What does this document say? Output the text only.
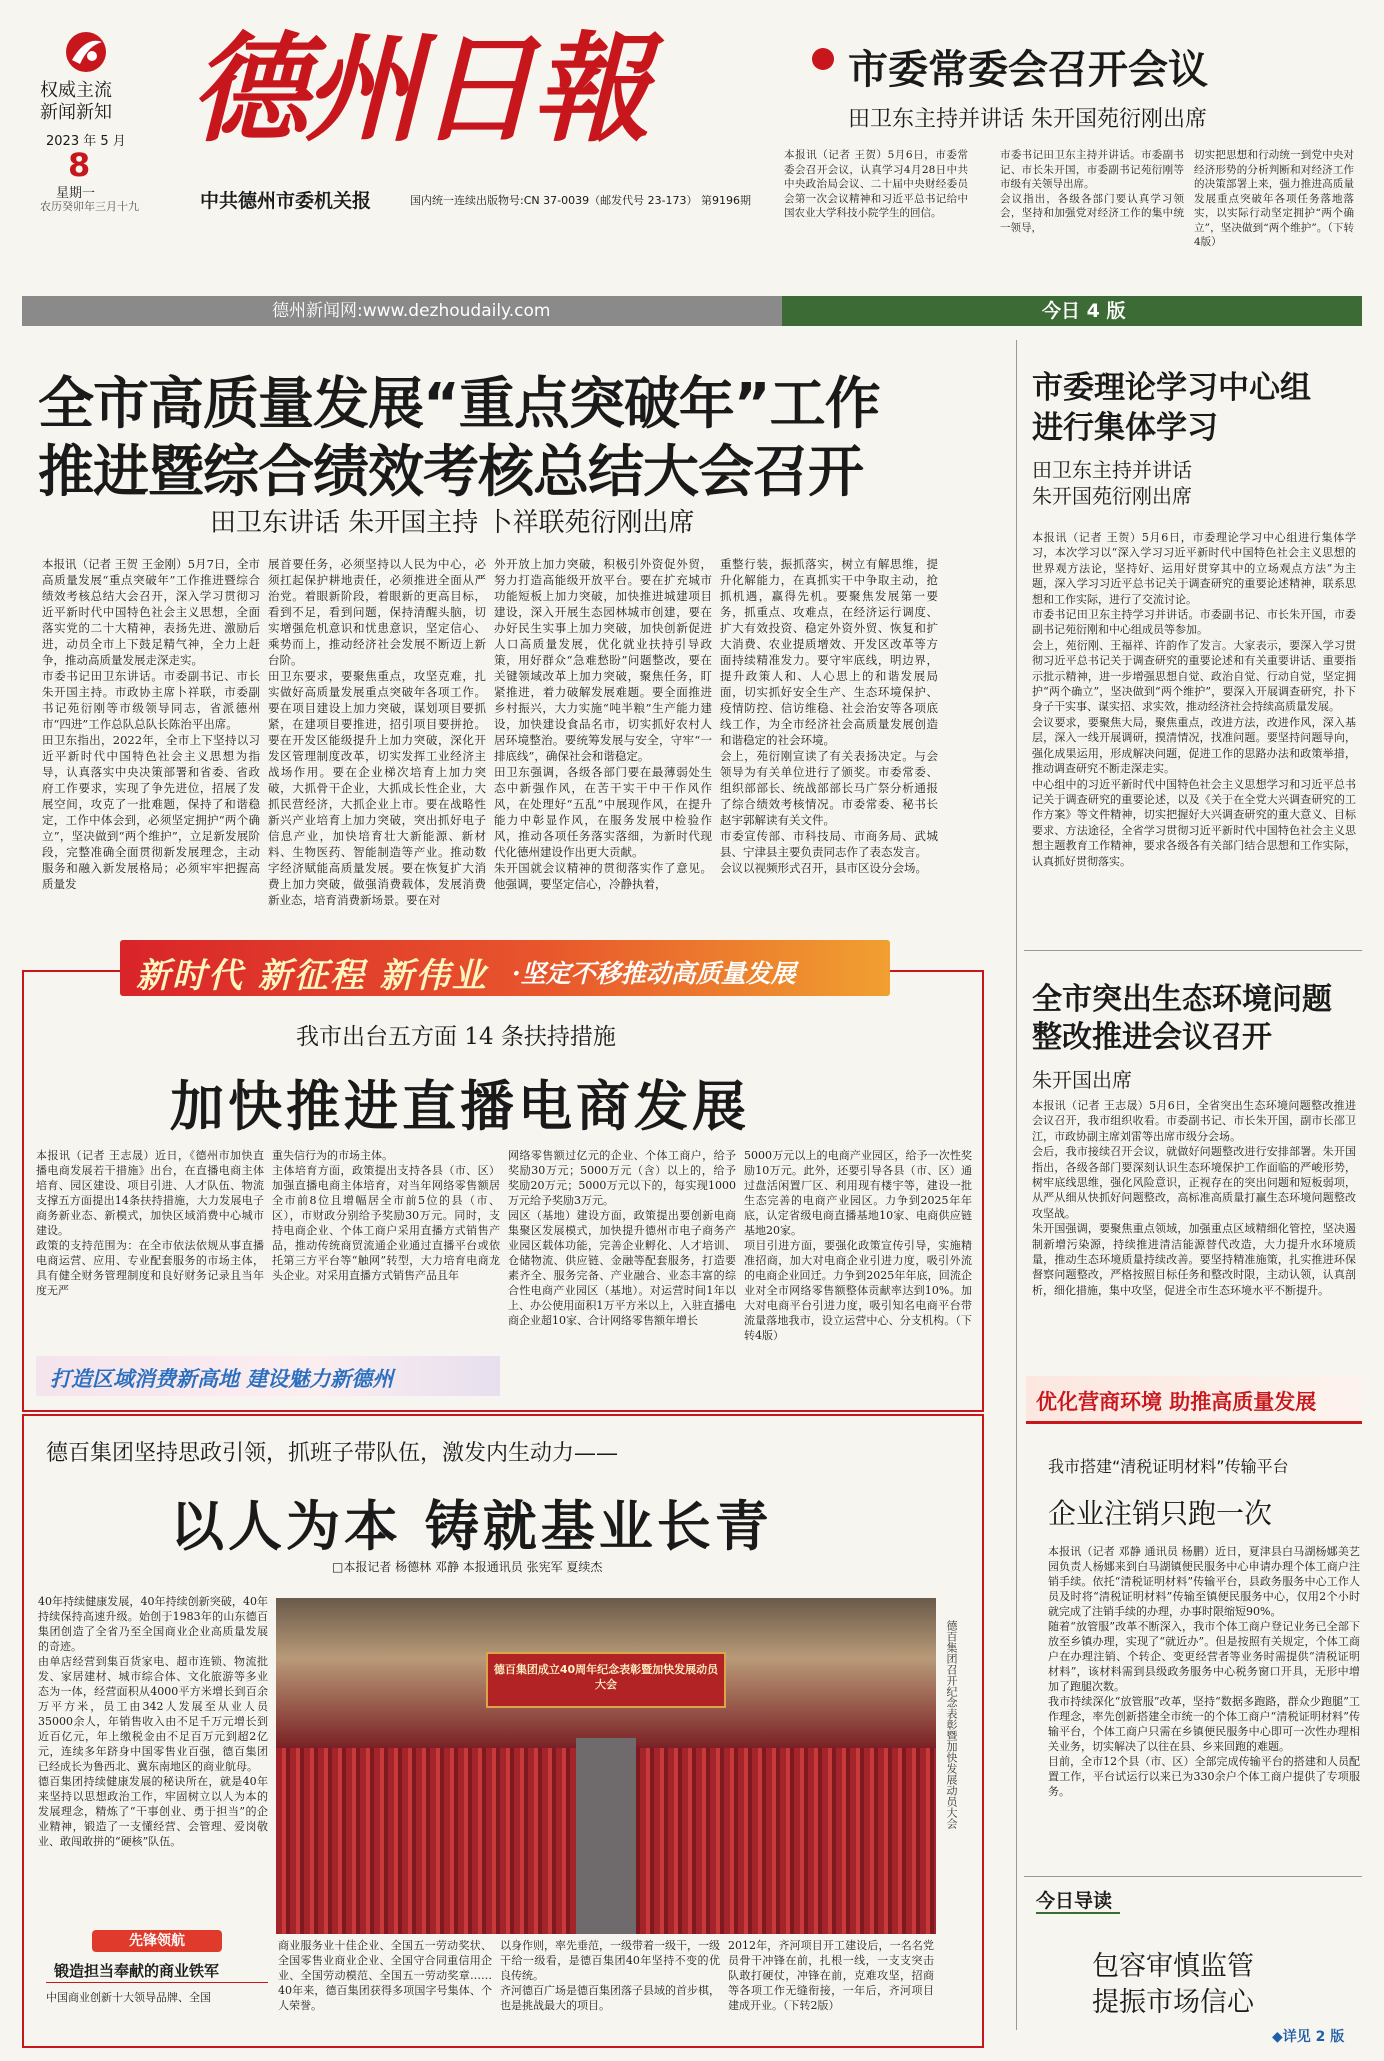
权威主流
新闻新知
2023 年 5 月
8
星期一
农历癸卯年三月十九
德州日報
中共德州市委机关报	国内统一连续出版物号:CN 37-0039（邮发代号 23-173） 第9196期
市委常委会召开会议
田卫东主持并讲话 朱开国苑衍刚出席
本报讯（记者 王贺）5月6日，市委常委会召开会议，认真学习4月28日中共中央政治局会议、二十届中央财经委员会第一次会议精神和习近平总书记给中国农业大学科技小院学生的回信。
市委书记田卫东主持并讲话。市委副书记、市长朱开国，市委副书记苑衍刚等市级有关领导出席。
会议指出，各级各部门要认真学习领会，坚持和加强党对经济工作的集中统一领导，
切实把思想和行动统一到党中央对经济形势的分析判断和对经济工作的决策部署上来，强力推进高质量发展重点突破年各项任务落地落实，以实际行动坚定拥护“两个确立”，坚决做到“两个维护”。（下转4版）
德州新闻网:www.dezhoudaily.com	今日 4 版
全市高质量发展“重点突破年”工作
推进暨综合绩效考核总结大会召开
田卫东讲话 朱开国主持 卜祥联苑衍刚出席
本报讯（记者 王贺 王金刚）5月7日，全市高质量发展“重点突破年”工作推进暨综合绩效考核总结大会召开，深入学习贯彻习近平新时代中国特色社会主义思想，全面落实党的二十大精神，表扬先进、激励后进，动员全市上下鼓足精气神，全力上赶争，推动高质量发展走深走实。
市委书记田卫东讲话。市委副书记、市长朱开国主持。市政协主席卜祥联，市委副书记苑衍刚等市级领导同志，省派德州市“四进”工作总队总队长陈治平出席。
田卫东指出，2022年，全市上下坚持以习近平新时代中国特色社会主义思想为指导，认真落实中央决策部署和省委、省政府工作要求，实现了争先进位，招展了发展空间，攻克了一批难题，保持了和谐稳定，工作中体会到，必须坚定拥护“两个确立”，坚决做到“两个维护”，立足新发展阶段，完整准确全面贯彻新发展理念，主动服务和融入新发展格局；必须牢牢把握高质量发
展首要任务，必须坚持以人民为中心，必须扛起保护耕地责任，必须推进全面从严治党。着眼新阶段，着眼新的更高目标，看到不足，看到问题，保持清醒头脑，切实增强危机意识和忧患意识，坚定信心、乘势而上，推动经济社会发展不断迈上新台阶。
田卫东要求，要聚焦重点，攻坚克难，扎实做好高质量发展重点突破年各项工作。要在项目建设上加力突破，谋划项目要抓紧，在建项目要推进，招引项目要拼抢。要在开发区能级提升上加力突破，深化开发区管理制度改革，切实发挥工业经济主战场作用。要在企业梯次培育上加力突破，大抓骨干企业，大抓成长性企业，大抓民营经济，大抓企业上市。要在战略性新兴产业培育上加力突破，突出抓好电子信息产业，加快培育壮大新能源、新材料、生物医药、智能制造等产业。推动数字经济赋能高质量发展。要在恢复扩大消费上加力突破，做强消费载体，发展消费新业态，培育消费新场景。要在对
外开放上加力突破，积极引外资促外贸，努力打造高能级开放平台。要在扩充城市功能短板上加力突破，加快推进城建项目建设，深入开展生态园林城市创建，要在办好民生实事上加力突破，加快创新促进人口高质量发展，优化就业扶持引导政策，用好群众“急难愁盼”问题整改，要在关键领域改革上加力突破，聚焦任务，盯紧推进，着力破解发展难题。要全面推进乡村振兴，大力实施“吨半粮”生产能力建设，加快建设食品名市，切实抓好农村人居环境整治。要统筹发展与安全，守牢“一排底线”，确保社会和谐稳定。
田卫东强调，各级各部门要在最薄弱处生态中新强作风，在苦干实干中干作风作风，在处理好“五乱”中展现作风，在提升能力中彰显作风，在服务发展中检验作风，推动各项任务落实落细，为新时代现代化德州建设作出更大贡献。
朱开国就会议精神的贯彻落实作了意见。他强调，要坚定信心，冷静执着，
重整行装，振抓落实，树立有解思维，提升化解能力，在真抓实干中争取主动，抢抓机遇，赢得先机。要聚焦发展第一要务，抓重点、攻难点，在经济运行调度、扩大有效投资、稳定外资外贸、恢复和扩大消费、农业提质增效、开发区改革等方面持续精准发力。要守牢底线，明边界，提升政策人和、人心思上的和谐发展局面，切实抓好安全生产、生态环境保护、疫情防控、信访维稳、社会治安等各项底线工作，为全市经济社会高质量发展创造和谐稳定的社会环境。
会上，苑衍刚宣读了有关表扬决定。与会领导为有关单位进行了颁奖。市委常委、组织部部长、统战部部长马广祭分析通报了综合绩效考核情况。市委常委、秘书长赵宇郭解读有关文件。
市委宣传部、市科技局、市商务局、武城县、宁津县主要负责同志作了表态发言。
会议以视频形式召开，县市区设分会场。
市委理论学习中心组
进行集体学习
田卫东主持并讲话
朱开国苑衍刚出席
本报讯（记者 王贺）5月6日，市委理论学习中心组进行集体学习，本次学习以“深入学习习近平新时代中国特色社会主义思想的世界观方法论，坚持好、运用好贯穿其中的立场观点方法”为主题，深入学习习近平总书记关于调查研究的重要论述精神，联系思想和工作实际，进行了交流讨论。
市委书记田卫东主持学习并讲话。市委副书记、市长朱开国，市委副书记苑衍刚和中心组成员等参加。
会上，苑衍刚、王福祥、许韵作了发言。大家表示，要深入学习贯彻习近平总书记关于调查研究的重要论述和有关重要讲话、重要指示批示精神，进一步增强思想自觉、政治自觉、行动自觉，坚定拥护“两个确立”，坚决做到“两个维护”，要深入开展调查研究，扑下身子干实事、谋实招、求实效，推动经济社会持续高质量发展。
会议要求，要聚焦大局，聚焦重点，改进方法，改进作风，深入基层，深入一线开展调研，摸清情况，找准问题。要坚持问题导向，强化成果运用，形成解决问题，促进工作的思路办法和政策举措，推动调查研究不断走深走实。
中心组中的习近平新时代中国特色社会主义思想学习和习近平总书记关于调查研究的重要论述，以及《关于在全党大兴调查研究的工作方案》等文件精神，切实把握好大兴调查研究的重大意义、目标要求、方法途径，全省学习贯彻习近平新时代中国特色社会主义思想主题教育工作精神，要求各级各有关部门结合思想和工作实际，认真抓好贯彻落实。
全市突出生态环境问题
整改推进会议召开
朱开国出席
本报讯（记者 王志晟）5月6日，全省突出生态环境问题整改推进会议召开，我市组织收看。市委副书记、市长朱开国，副市长邵卫江，市政协副主席刘雷等出席市级分会场。
会后，我市接续召开会议，就做好问题整改进行安排部署。朱开国指出，各级各部门要深刻认识生态环境保护工作面临的严峻形势，树牢底线思维，强化风险意识，正视存在的突出问题和短板弱项，从严从细从快抓好问题整改，高标准高质量打赢生态环境问题整改攻坚战。
朱开国强调，要聚焦重点领域，加强重点区域精细化管控，坚决遏制新增污染源，持续推进清洁能源替代改造，大力提升水环境质量，推动生态环境质量持续改善。要坚持精准施策，扎实推进环保督察问题整改，严格按照目标任务和整改时限，主动认领，认真剖析，细化措施，集中攻坚，促进全市生态环境水平不断提升。
新时代 新征程 新伟业 ·坚定不移推动高质量发展
我市出台五方面 14 条扶持措施
加快推进直播电商发展
本报讯（记者 王志晟）近日，《德州市加快直播电商发展若干措施》出台，在直播电商主体培育、园区建设、项目引进、人才队伍、物流支撑五方面提出14条扶持措施，大力发展电子商务新业态、新模式，加快区域消费中心城市建设。
政策的支持范围为：在全市依法依规从事直播电商运营、应用、专业配套服务的市场主体，具有健全财务管理制度和良好财务记录且当年度无严
重失信行为的市场主体。
主体培育方面，政策提出支持各县（市、区）加强直播电商主体培育，对当年网络零售额居全市前8位且增幅居全市前5位的县（市、区），市财政分别给予奖励30万元。同时，支持电商企业、个体工商户采用直播方式销售产品，推动传统商贸流通企业通过直播平台或依托第三方平台等“触网”转型，大力培育电商龙头企业。对采用直播方式销售产品且年
网络零售额过亿元的企业、个体工商户，给予奖励30万元；5000万元（含）以上的，给予奖励20万元；5000万元以下的，每实现1000万元给予奖励3万元。
园区（基地）建设方面，政策提出要创新电商集聚区发展模式，加快提升德州市电子商务产业园区载体功能，完善企业孵化、人才培训、仓储物流、供应链、金融等配套服务，打造要素齐全、服务完备、产业融合、业态丰富的综合性电商产业园区（基地）。对运营时间1年以上、办公使用面积1万平方米以上，入驻直播电商企业超10家、合计网络零售额年增长
5000万元以上的电商产业园区，给予一次性奖励10万元。此外，还要引导各县（市、区）通过盘活闲置厂区、利用现有楼宇等，建设一批生态完善的电商产业园区。力争到2025年年底，认定省级电商直播基地10家、电商供应链基地20家。
项目引进方面，要强化政策宣传引导，实施精准招商，加大对电商企业引进力度，吸引外流的电商企业回迁。力争到2025年年底，回流企业对全市网络零售额整体贡献率达到10%。加大对电商平台引进力度，吸引知名电商平台带流量落地我市，设立运营中心、分支机构。（下转4版）
打造区域消费新高地 建设魅力新德州
德百集团坚持思政引领，抓班子带队伍，激发内生动力——
以人为本 铸就基业长青
□本报记者 杨德林 邓静 本报通讯员 张宪军 夏续杰
40年持续健康发展，40年持续创新突破，40年持续保持高速升级。始创于1983年的山东德百集团创造了全省乃至全国商业企业高质量发展的奇迹。
由单店经营到集百货家电、超市连锁、物流批发、家居建材、城市综合体、文化旅游等多业态为一体，经营面积从4000平方米增长到百余万平方米，员工由342人发展至从业人员35000余人，年销售收入由不足千万元增长到近百亿元，年上缴税金由不足百万元到超2亿元，连续多年跻身中国零售业百强，德百集团已经成长为鲁西北、冀东南地区的商业航母。
德百集团持续健康发展的秘诀所在，就是40年来坚持以思想政治工作，牢固树立以人为本的发展理念，精炼了“干事创业、勇于担当”的企业精神，锻造了一支懂经营、会管理、爱岗敬业、敢闯敢拼的“硬核”队伍。
德百集团成立40周年纪念表彰暨加快发展动员大会	德百集团召开纪念表彰暨加快发展动员大会
先锋领航
锻造担当奉献的商业铁军
中国商业创新十大领导品牌、全国
商业服务业十佳企业、全国五一劳动奖状、全国零售业商业企业、全国守合同重信用企业、全国劳动模范、全国五一劳动奖章……40年来，德百集团获得多项国字号集体、个人荣誉。
以身作则，率先垂范，一级带着一级干，一级干给一级看，是德百集团40年坚持不变的优良传统。
齐河德百广场是德百集团落子县域的首步棋，也是挑战最大的项目。
2012年，齐河项目开工建设后，一名名党员骨干冲锋在前，扎根一线，一支支突击队敢打硬仗，冲锋在前，克难攻坚，招商等各项工作无缝衔接，一年后，齐河项目建成开业。（下转2版）
优化营商环境 助推高质量发展
我市搭建“清税证明材料”传输平台
企业注销只跑一次
本报讯（记者 邓静 通讯员 杨鹏）近日，夏津县白马湖杨娜美艺园负责人杨娜来到白马湖镇便民服务中心申请办理个体工商户注销手续。依托“清税证明材料”传输平台，县政务服务中心工作人员及时将“清税证明材料”传输至镇便民服务中心，仅用2个小时就完成了注销手续的办理，办事时限缩短90%。
随着“放管服”改革不断深入，我市个体工商户登记业务已全部下放至乡镇办理，实现了“就近办”。但是按照有关规定，个体工商户在办理注销、个转企、变更经营者等业务时需提供“清税证明材料”，该材料需到县级政务服务中心税务窗口开具，无形中增加了跑腿次数。
我市持续深化“放管服”改革，坚持“数据多跑路，群众少跑腿”工作理念，率先创新搭建全市统一的个体工商户“清税证明材料”传输平台，个体工商户只需在乡镇便民服务中心即可一次性办理相关业务，切实解决了以往在县、乡来回跑的难题。
目前，全市12个县（市、区）全部完成传输平台的搭建和人员配置工作，平台试运行以来已为330余户个体工商户提供了专项服务。
今日导读
包容审慎监管
提振市场信心
◆详见 2 版
